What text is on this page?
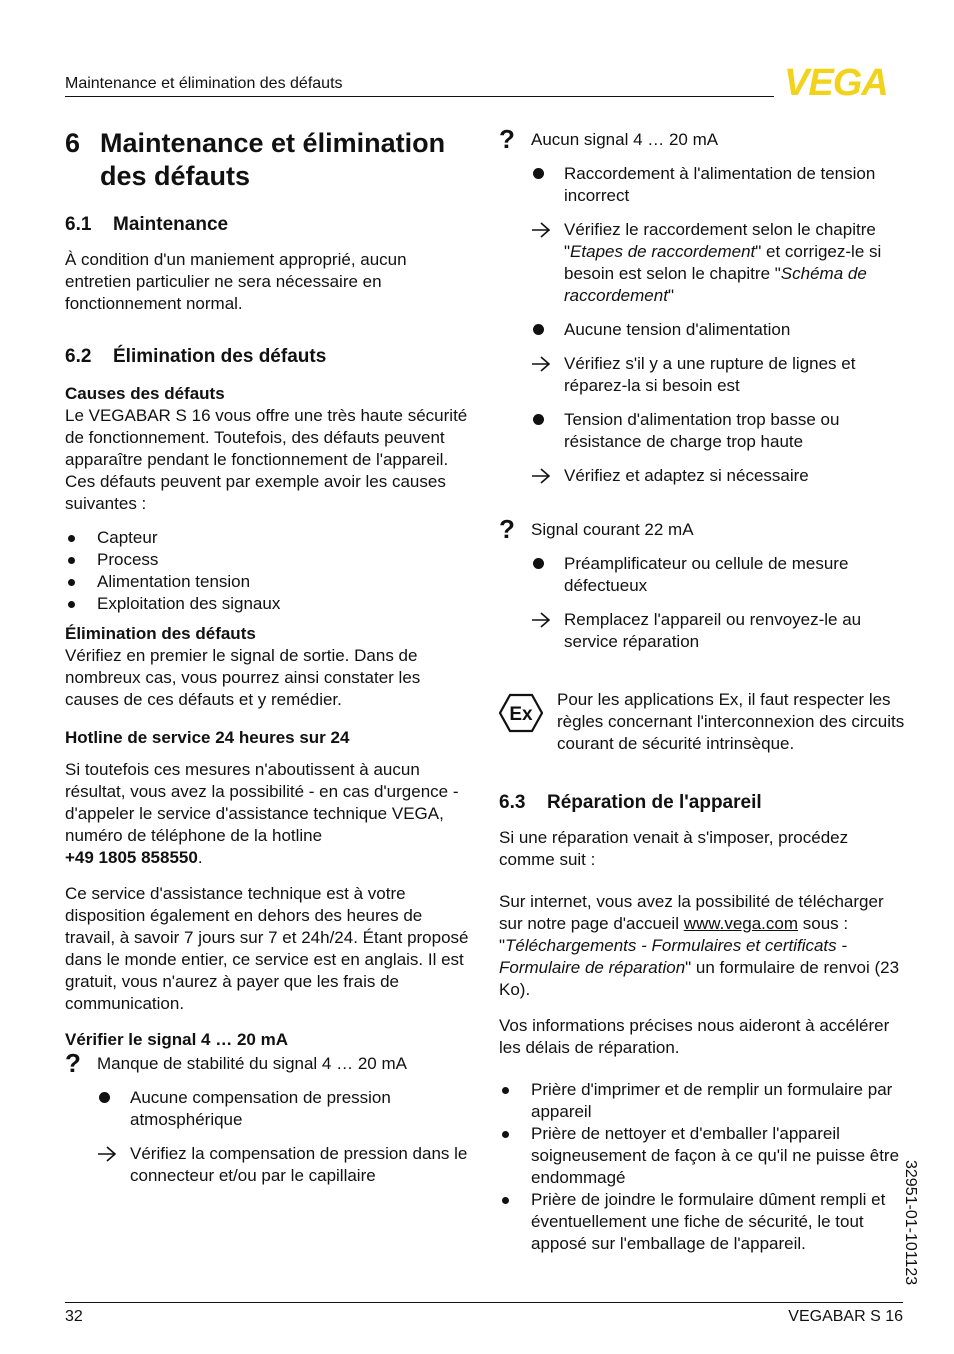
Maintenance et élimination des défauts	VEGA
6 Maintenance et élimination des défauts
6.1	Maintenance

À condition d'un maniement approprié, aucun entretien particulier ne sera nécessaire en fonctionnement normal.

6.2	Élimination des défauts

Causes des défauts

Le VEGABAR S 16 vous offre une très haute sécurité de fonctionnement. Toutefois, des défauts peuvent apparaître pendant le fonctionnement de l'appareil. Ces défauts peuvent par exemple avoir les causes suivantes :

Capteur
Process
Alimentation tension
Exploitation des signaux

Élimination des défauts

Vérifiez en premier le signal de sortie. Dans de nombreux cas, vous pourrez ainsi constater les causes de ces défauts et y remédier.

Hotline de service 24 heures sur 24

Si toutefois ces mesures n'aboutissent à aucun résultat, vous avez la possibilité - en cas d'urgence - d'appeler le service d'assistance technique VEGA, numéro de téléphone de la hotline
+49 1805 858550.

Ce service d'assistance technique est à votre disposition également en dehors des heures de travail, à savoir 7 jours sur 7 et 24h/24. Étant proposé dans le monde entier, ce service est en anglais. Il est gratuit, vous n'aurez à payer que les frais de communication.

Vérifier le signal 4 … 20 mA

? Manque de stabilité du signal 4 … 20 mA
Aucune compensation de pression atmosphérique
Vérifiez la compensation de pression dans le connecteur et/ou par le capillaire
? Aucun signal 4 … 20 mA
Raccordement à l'alimentation de tension incorrect
Vérifiez le raccordement selon le chapitre "Etapes de raccordement" et corrigez-le si besoin est selon le chapitre "Schéma de raccordement"
Aucune tension d'alimentation
Vérifiez s'il y a une rupture de lignes et réparez-la si besoin est
Tension d'alimentation trop basse ou résistance de charge trop haute
Vérifiez et adaptez si nécessaire
? Signal courant 22 mA
Préamplificateur ou cellule de mesure défectueux
Remplacez l'appareil ou renvoyez-le au service réparation
Ex

Pour les applications Ex, il faut respecter les règles concernant l'interconnexion des circuits courant de sécurité intrinsèque.

6.3	Réparation de l'appareil

Si une réparation venait à s'imposer, procédez comme suit :

Sur internet, vous avez la possibilité de télécharger sur notre page d'accueil www.vega.com sous : "Téléchargements - Formulaires et certificats - Formulaire de réparation" un formulaire de renvoi (23 Ko).

Vos informations précises nous aideront à accélérer les délais de réparation.

Prière d'imprimer et de remplir un formulaire par appareil
Prière de nettoyer et d'emballer l'appareil soigneusement de façon à ce qu'il ne puisse être endommagé
Prière de joindre le formulaire dûment rempli et éventuellement une fiche de sécurité, le tout apposé sur l'emballage de l'appareil.	32951-01-101123
32	VEGABAR S 16
